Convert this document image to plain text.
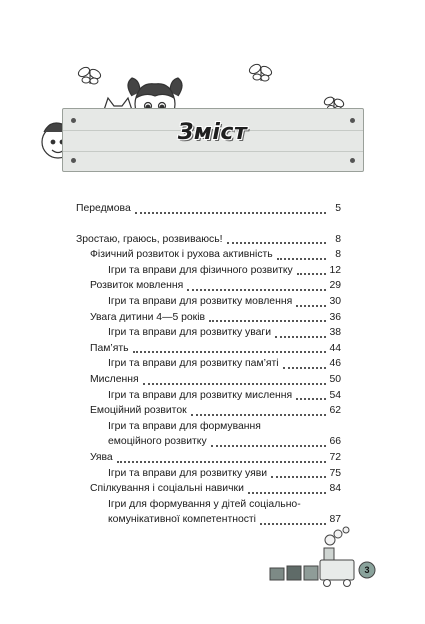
Зміст
Передмова	5
Зростаю, граюсь, розвиваюсь!	8
Фізичний розвиток і рухова активність	8
Ігри та вправи для фізичного розвитку	12
Розвиток мовлення	29
Ігри та вправи для розвитку мовлення	30
Увага дитини 4—5 років	36
Ігри та вправи для розвитку уваги	38
Пам’ять	44
Ігри та вправи для розвитку пам’яті	46
Мислення	50
Ігри та вправи для розвитку мислення	54
Емоційний розвиток	62
Ігри та вправи для формування
емоційного розвитку	66
Уява	72
Ігри та вправи для розвитку уяви	75
Спілкування і соціальні навички	84
Ігри для формування у дітей соціально-
комунікативної компетентності	87
3
